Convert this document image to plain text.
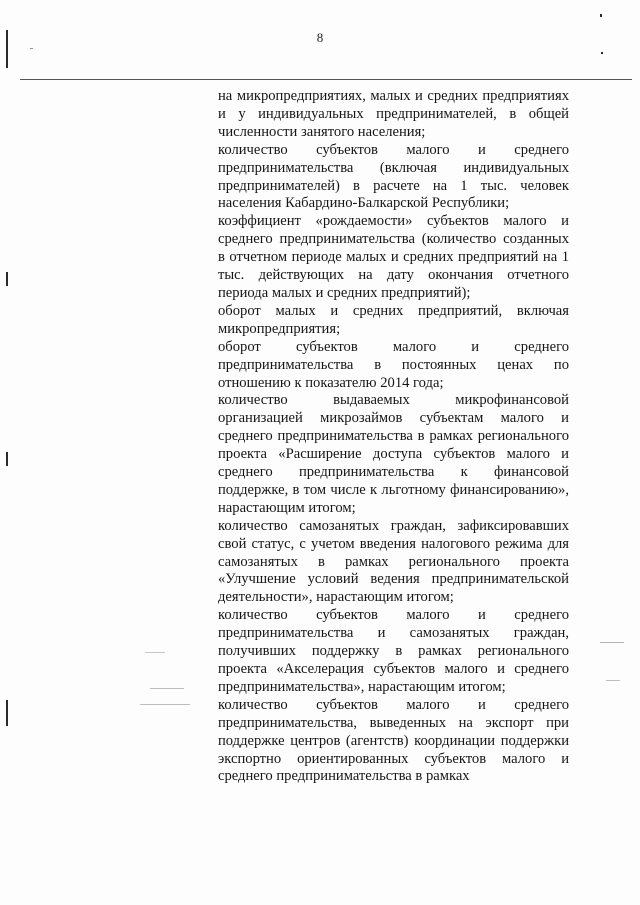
8

на микропредприятиях, малых и средних предприятиях и у индивидуальных предпринимателей, в общей численности занятого населения;

количество субъектов малого и среднего предпринимательства (включая индивидуальных предпринимателей) в расчете на 1 тыс. человек населения Кабардино-Балкарской Республики;

коэффициент «рождаемости» субъектов малого и среднего предпринимательства (количество созданных в отчетном периоде малых и средних предприятий на 1 тыс. действующих на дату окончания отчетного периода малых и средних предприятий);

оборот малых и средних предприятий, включая микропредприятия;

оборот субъектов малого и среднего предпринимательства в постоянных ценах по отношению к показателю 2014 года;

количество выдаваемых микрофинансовой организацией микрозаймов субъектам малого и среднего предпринимательства в рамках регионального проекта «Расширение доступа субъектов малого и среднего предпринимательства к финансовой поддержке, в том числе к льготному финансированию», нарастающим итогом;

количество самозанятых граждан, зафиксировавших свой статус, с учетом введения налогового режима для самозанятых в рамках регионального проекта «Улучшение условий ведения предпринимательской деятельности», нарастающим итогом;

количество субъектов малого и среднего предпринимательства и самозанятых граждан, получивших поддержку в рамках регионального проекта «Акселерация субъектов малого и среднего предпринимательства», нарастающим итогом;

количество субъектов малого и среднего предпринимательства, выведенных на экспорт при поддержке центров (агентств) координации поддержки экспортно ориентированных субъектов малого и среднего предпринимательства в рамках
